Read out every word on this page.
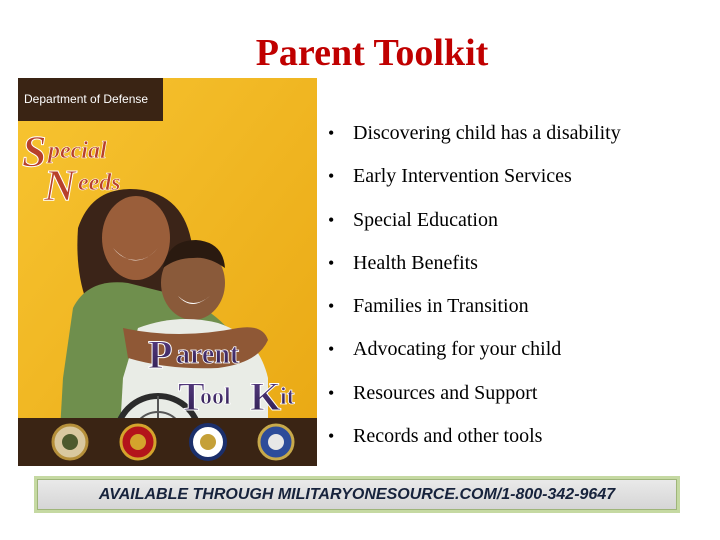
Parent Toolkit
S pecial
N eeds
P arent
T
ool K
it
Department of Defense
• Discovering child has a disability
• Early Intervention Services
• Special Education
• Health Benefits
• Families in Transition
• Advocating for your child
• Resources and Support
• Records and other tools
AVAILABLE THROUGH MILITARYONESOURCE.COM/1-800-342-9647
